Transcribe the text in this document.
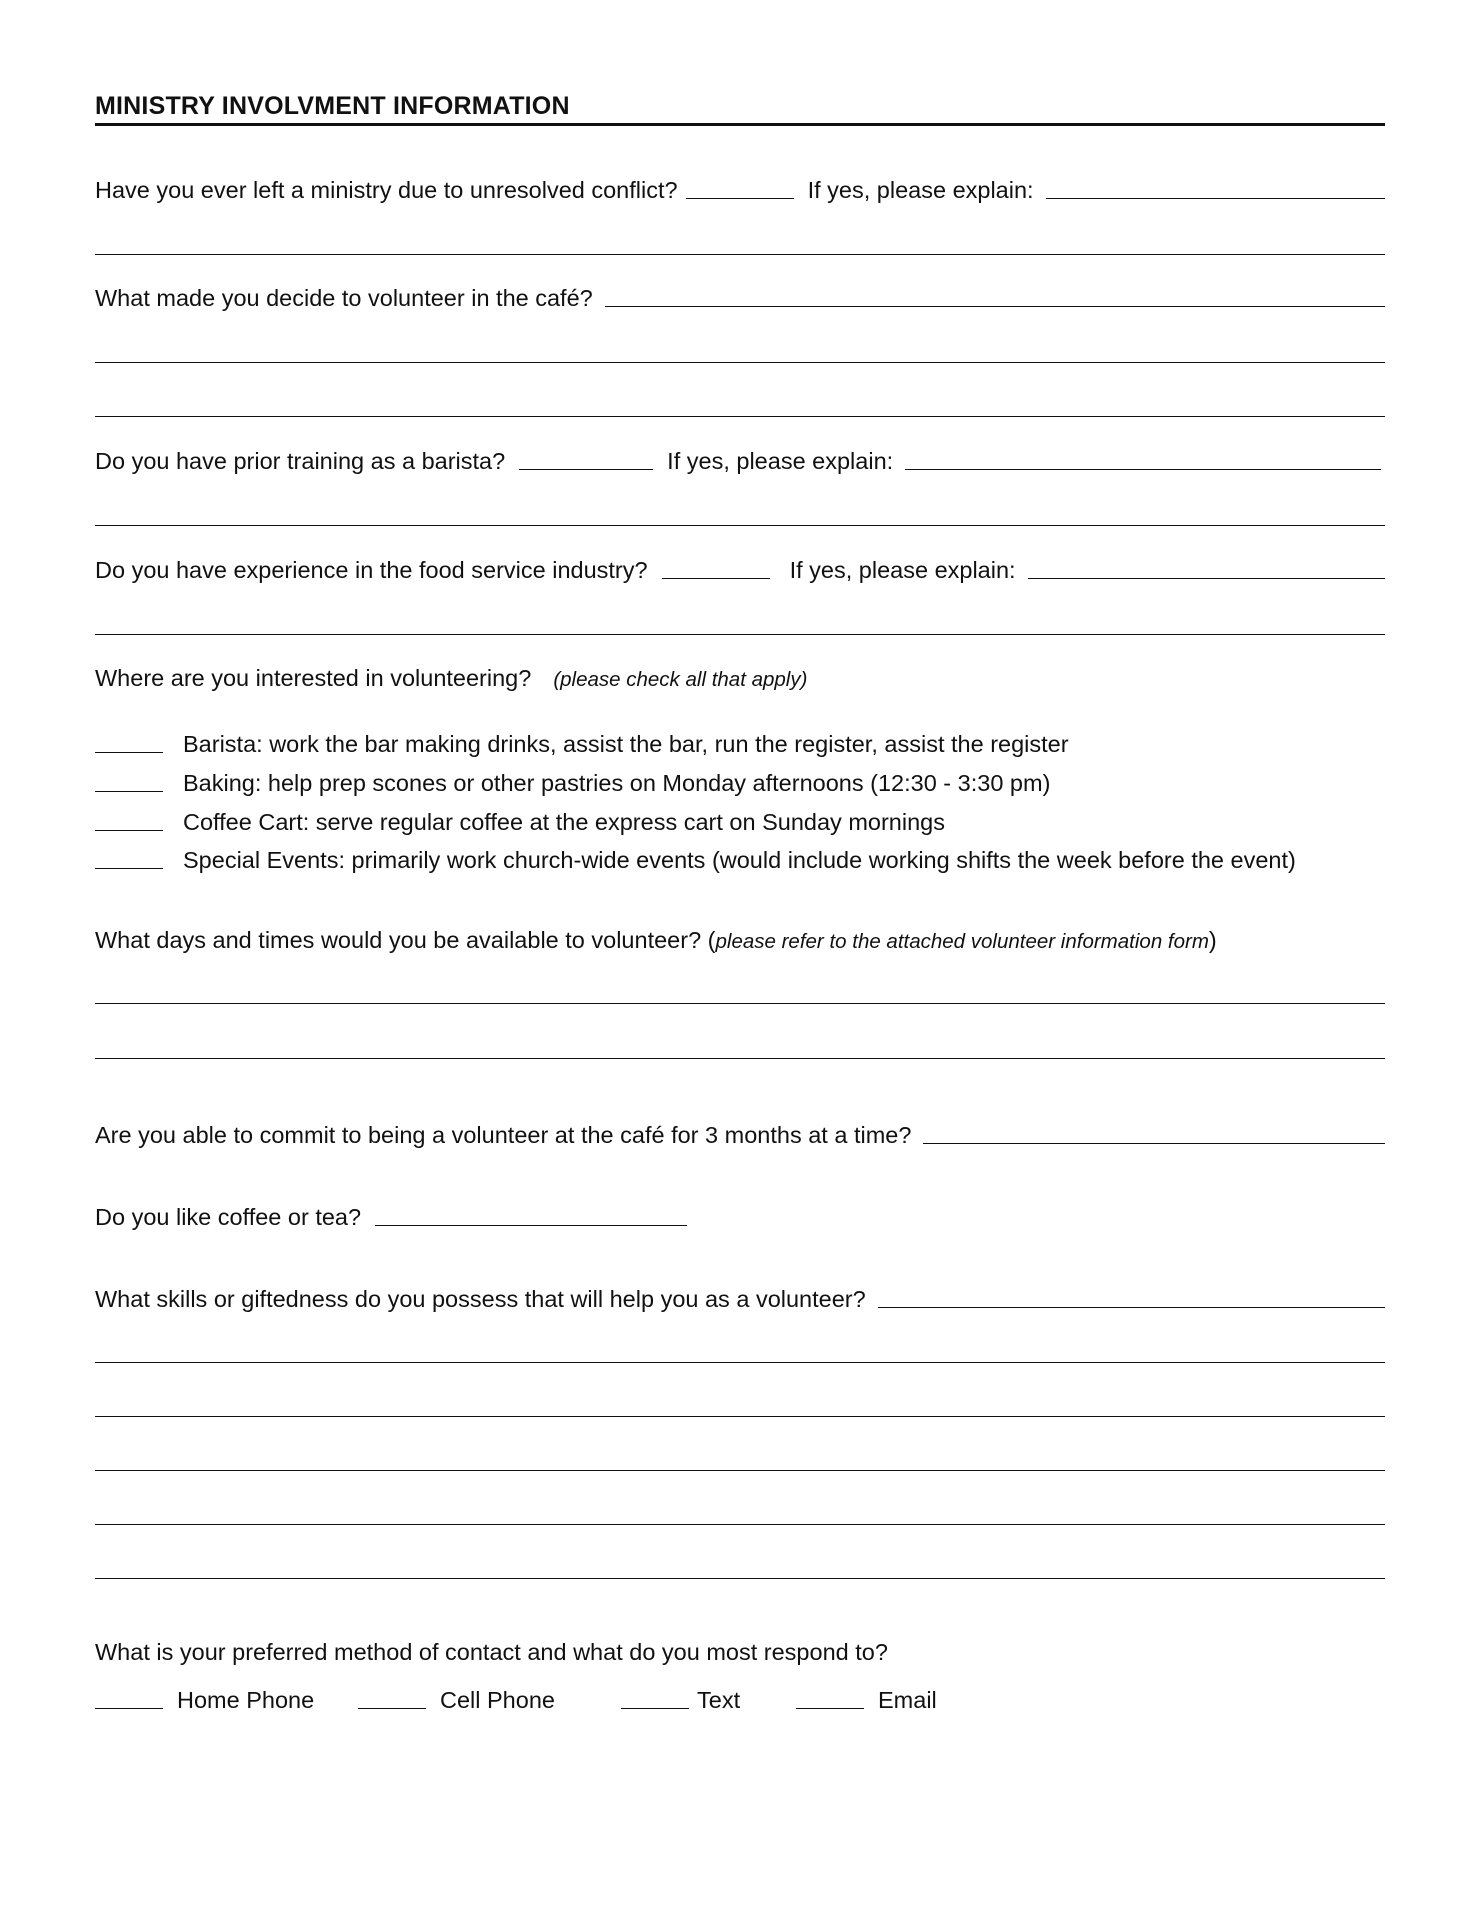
MINISTRY INVOLVMENT INFORMATION
Have you ever left a ministry due to unresolved conflict?	If yes, please explain:
What made you decide to volunteer in the café?
Do you have prior training as a barista?	If yes, please explain:
Do you have experience in the food service industry?	If yes, please explain:
Where are you interested in volunteering? (please check all that apply)
Barista: work the bar making drinks, assist the bar, run the register, assist the register
Baking: help prep scones or other pastries on Monday afternoons (12:30 - 3:30 pm)
Coffee Cart: serve regular coffee at the express cart on Sunday mornings
Special Events: primarily work church-wide events (would include working shifts the week before the event)
What days and times would you be available to volunteer? ( please refer to the attached volunteer information form )
Are you able to commit to being a volunteer at the café for 3 months at a time?
Do you like coffee or tea?
What skills or giftedness do you possess that will help you as a volunteer?
What is your preferred method of contact and what do you most respond to?
Home Phone	Cell Phone	Text	Email
